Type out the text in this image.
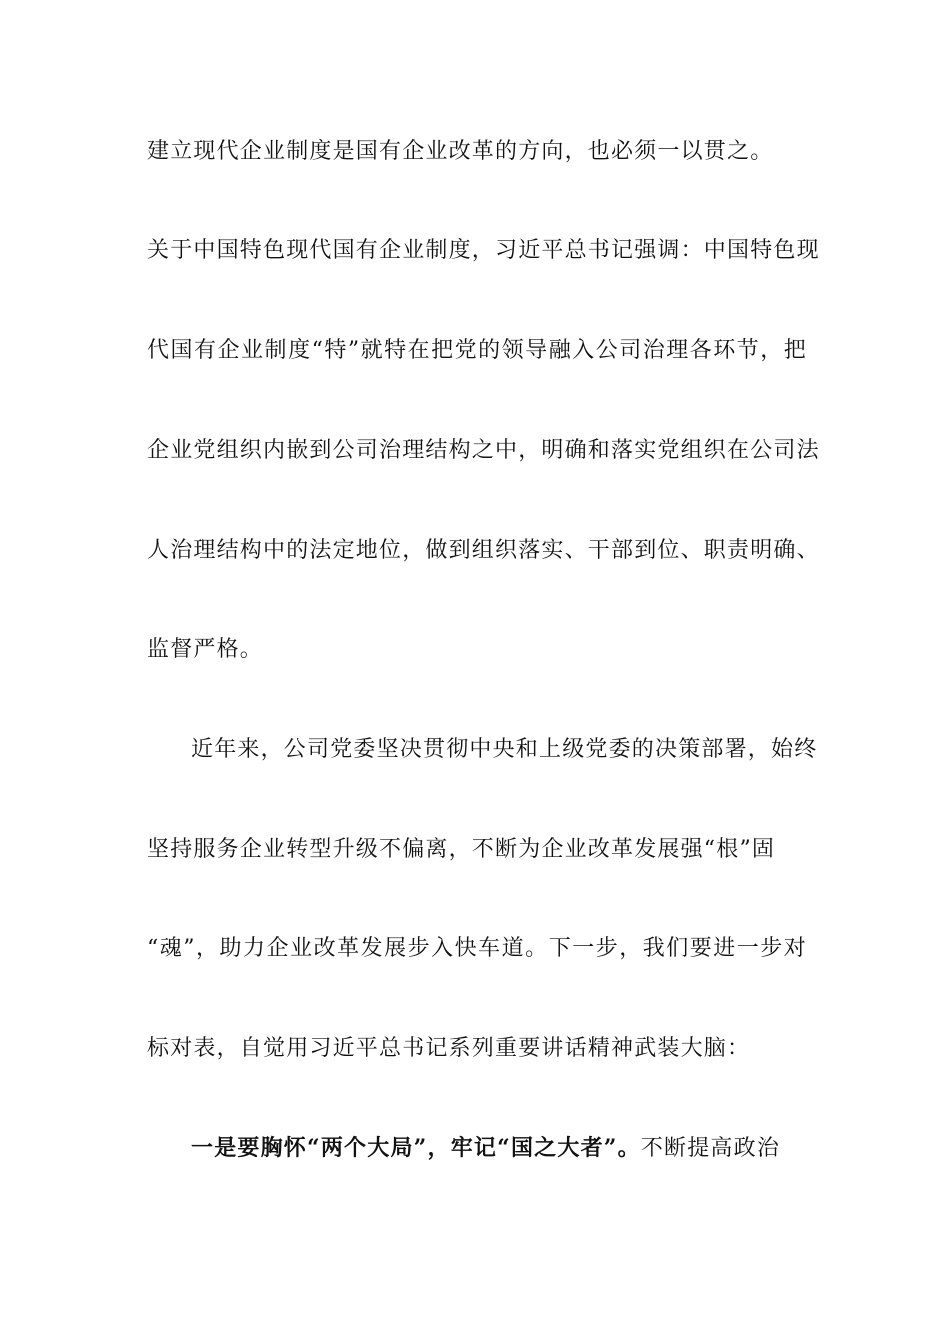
建立现代企业制度是国有企业改革的方向，也必须一以贯之。
关于中国特色现代国有企业制度，习近平总书记强调：中国特色现
代国有企业制度“特”就特在把党的领导融入公司治理各环节，把
企业党组织内嵌到公司治理结构之中，明确和落实党组织在公司法
人治理结构中的法定地位，做到组织落实、干部到位、职责明确、
监督严格。
近年来，公司党委坚决贯彻中央和上级党委的决策部署，始终
坚持服务企业转型升级不偏离，不断为企业改革发展强“根”固
“魂”，助力企业改革发展步入快车道。下一步，我们要进一步对
标对表，自觉用习近平总书记系列重要讲话精神武装大脑：
一是要胸怀“两个大局”，牢记“国之大者”。不断提高政治
